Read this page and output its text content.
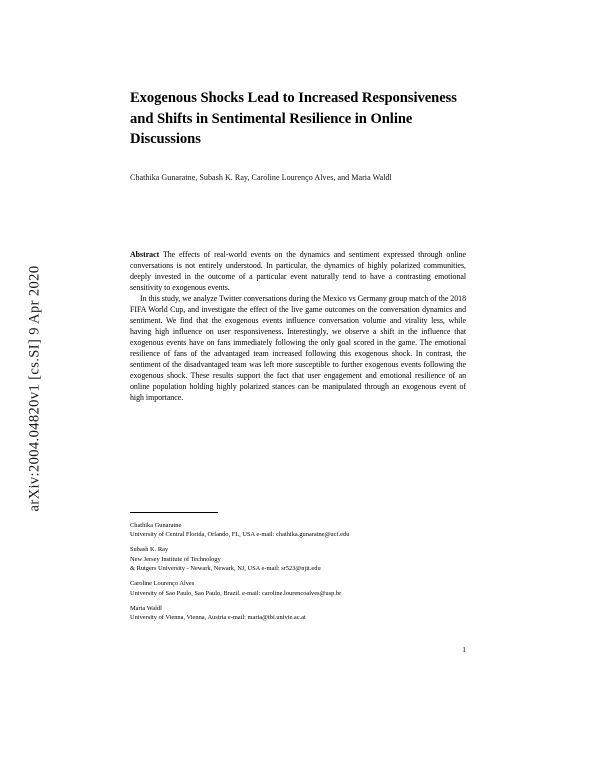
arXiv:2004.04820v1 [cs.SI] 9 Apr 2020
Exogenous Shocks Lead to Increased Responsiveness and Shifts in Sentimental Resilience in Online Discussions

Chathika Gunaratne, Subash K. Ray, Caroline Lourenço Alves, and Maria Waldl

Abstract The effects of real-world events on the dynamics and sentiment expressed through online conversations is not entirely understood. In particular, the dynamics of highly polarized communities, deeply invested in the outcome of a particular event naturally tend to have a contrasting emotional sensitivity to exogenous events.

In this study, we analyze Twitter conversations during the Mexico vs Germany group match of the 2018 FIFA World Cup, and investigate the effect of the live game outcomes on the conversation dynamics and sentiment. We find that the exogenous events influence conversation volume and virality less, while having high influence on user responsiveness. Interestingly, we observe a shift in the influence that exogenous events have on fans immediately following the only goal scored in the game. The emotional resilience of fans of the advantaged team increased following this exogenous shock. In contrast, the sentiment of the disadvantaged team was left more susceptible to further exogenous events following the exogenous shock. These results support the fact that user engagement and emotional resilience of an online population holding highly polarized stances can be manipulated through an exogenous event of high importance.

Chathika Gunaratne
University of Central Florida, Orlando, FL, USA e-mail: chathika.gunaratne@ucf.edu
Subash K. Ray
New Jersey Institute of Technology
& Rutgers University - Newark, Newark, NJ, USA e-mail: sr523@njit.edu
Caroline Lourenço Alves
University of Sao Paulo, Sao Paulo, Brazil. e-mail: caroline.lourencoalves@usp.br
Maria Waldl
University of Vienna, Vienna, Austria e-mail: maria@tbi.univie.ac.at
1
